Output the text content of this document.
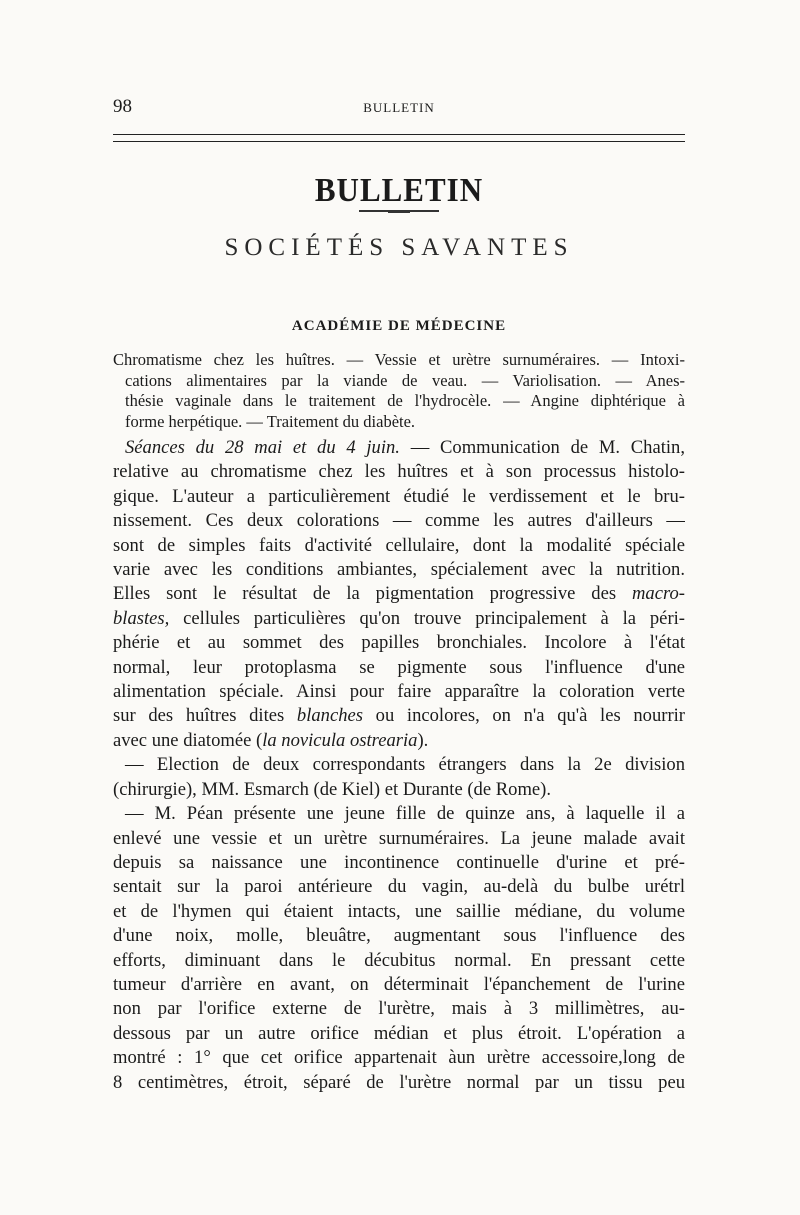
98	BULLETIN
BULLETIN
SOCIÉTÉS SAVANTES
ACADÉMIE DE MÉDECINE
Chromatisme chez les huîtres. — Vessie et urètre surnuméraires. — Intoxi-
cations alimentaires par la viande de veau. — Variolisation. — Anes-
thésie vaginale dans le traitement de l'hydrocèle. — Angine diphtérique à
forme herpétique. — Traitement du diabète.
Séances du 28 mai et du 4 juin. — Communication de M. Chatin,
relative au chromatisme chez les huîtres et à son processus histolo-
gique. L'auteur a particulièrement étudié le verdissement et le bru-
nissement. Ces deux colorations — comme les autres d'ailleurs —
sont de simples faits d'activité cellulaire, dont la modalité spéciale
varie avec les conditions ambiantes, spécialement avec la nutrition.
Elles sont le résultat de la pigmentation progressive des macro-
blastes, cellules particulières qu'on trouve principalement à la péri-
phérie et au sommet des papilles bronchiales. Incolore à l'état
normal, leur protoplasma se pigmente sous l'influence d'une
alimentation spéciale. Ainsi pour faire apparaître la coloration verte
sur des huîtres dites blanches ou incolores, on n'a qu'à les nourrir
avec une diatomée (la novicula ostrearia).
— Election de deux correspondants étrangers dans la 2e division
(chirurgie), MM. Esmarch (de Kiel) et Durante (de Rome).
— M. Péan présente une jeune fille de quinze ans, à laquelle il a
enlevé une vessie et un urètre surnuméraires. La jeune malade avait
depuis sa naissance une incontinence continuelle d'urine et pré-
sentait sur la paroi antérieure du vagin, au-delà du bulbe urétrl
et de l'hymen qui étaient intacts, une saillie médiane, du volume
d'une noix, molle, bleuâtre, augmentant sous l'influence des
efforts, diminuant dans le décubitus normal. En pressant cette
tumeur d'arrière en avant, on déterminait l'épanchement de l'urine
non par l'orifice externe de l'urètre, mais à 3 millimètres, au-
dessous par un autre orifice médian et plus étroit. L'opération a
montré : 1° que cet orifice appartenait àun urètre accessoire,long de
8 centimètres, étroit, séparé de l'urètre normal par un tissu peu
